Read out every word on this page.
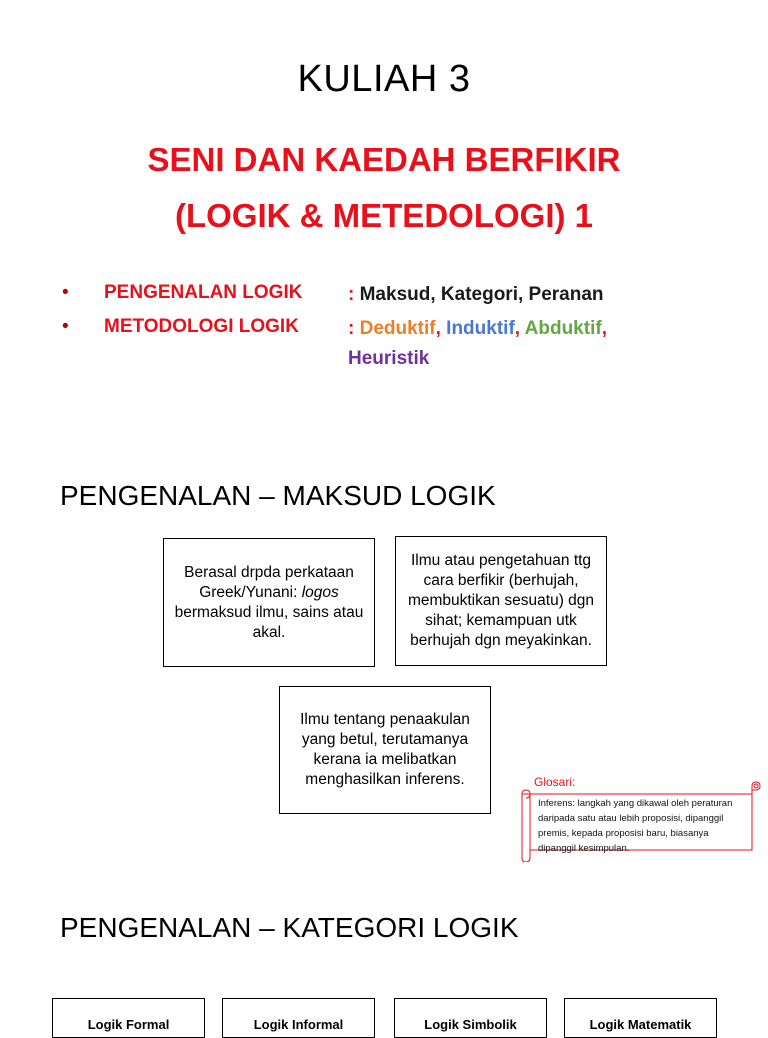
KULIAH 3
SENI DAN KAEDAH BERFIKIR
(LOGIK & METEDOLOGI) 1
• PENGENALAN LOGIK : Maksud, Kategori, Peranan
• METODOLOGI LOGIK	: Deduktif, Induktif, Abduktif,
Heuristik
PENGENALAN – MAKSUD LOGIK
Berasal drpda perkataan Greek/Yunani: logos bermaksud ilmu, sains atau akal.
Ilmu atau pengetahuan ttg cara berfikir (berhujah, membuktikan sesuatu) dgn sihat; kemampuan utk berhujah dgn meyakinkan.
Ilmu tentang penaakulan yang betul, terutamanya kerana ia melibatkan menghasilkan inferens.	Glosari:
Inferens: langkah yang dikawal oleh peraturan daripada satu atau lebih proposisi, dipanggil premis, kepada proposisi baru, biasanya dipanggil kesimpulan.
PENGENALAN – KATEGORI LOGIK
Logik Formal	Logik Informal	Logik Simbolik	Logik Matematik
